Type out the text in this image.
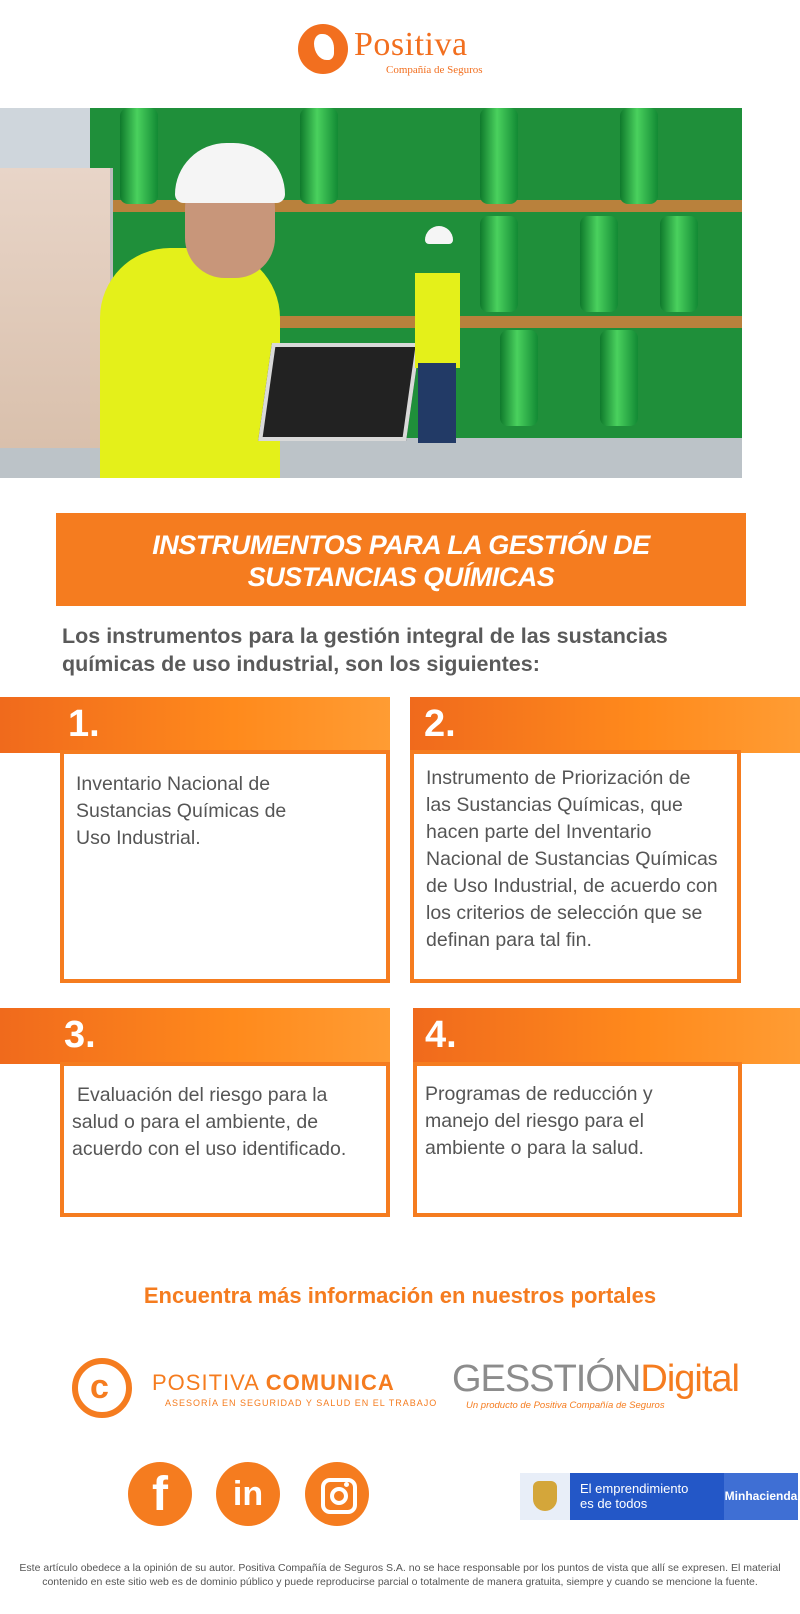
Positiva
Compañía de Seguros
INSTRUMENTOS PARA LA GESTIÓN DE
SUSTANCIAS QUÍMICAS
Los instrumentos para la gestión integral de las sustancias
químicas de uso industrial, son los siguientes:
1.
Inventario Nacional de
Sustancias Químicas de
Uso Industrial.
2.
Instrumento de Priorización de
las Sustancias Químicas, que
hacen parte del Inventario
Nacional de Sustancias Químicas
de Uso Industrial, de acuerdo con
los criterios de selección que se
definan para tal fin.
3.
Evaluación del riesgo para la
salud o para el ambiente, de
acuerdo con el uso identificado.
4.
Programas de reducción y
manejo del riesgo para el
ambiente o para la salud.
Encuentra más información en nuestros portales
c POSITIVA COMUNICA
ASESORÍA EN SEGURIDAD Y SALUD EN EL TRABAJO
GESSTIÓNDigital
Un producto de Positiva Compañía de Seguros
f	in	El emprendimiento
es de todos	Minhacienda
Este artículo obedece a la opinión de su autor. Positiva Compañía de Seguros S.A. no se hace responsable por los puntos de vista que allí se expresen. El material
contenido en este sitio web es de dominio público y puede reproducirse parcial o totalmente de manera gratuita, siempre y cuando se mencione la fuente.
